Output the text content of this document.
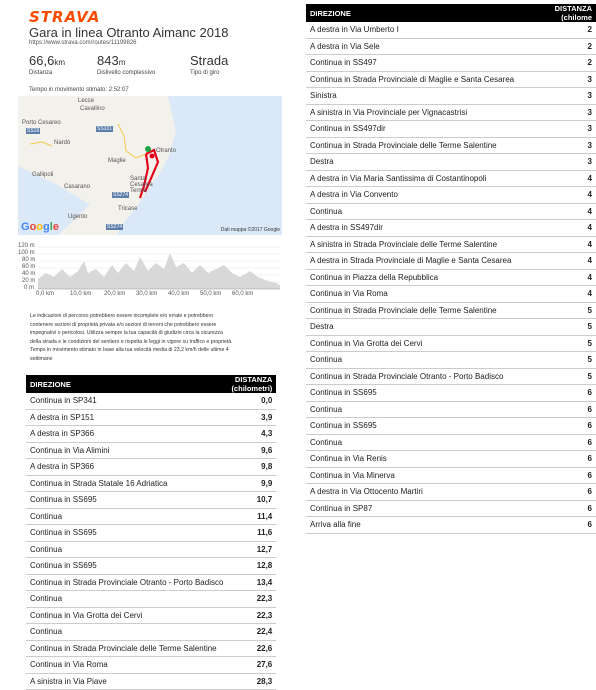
STRAVA
Gara in linea Otranto Aimanc 2018
https://www.strava.com/routes/11199826
66,6km 843m	Strada
Distanza	Dislivello complessivo	Tipo di giro
Tempo in movimento stimato: 2:52:07
Lecce
Cavallino
Porto Cesareo
Nardò
Maglie
Gallipoli
Casarano
Santa Cesarea Terme
Tricase
Otranto
Ugento
SS16	SS101
SS274
SS274
Google	Dati mappa ©2017 Google
120 m
100 m
80 m
60 m
40 m
20 m
0 m
0,0 km	10,0 km 20,0 km 30,0 km 40,0 km 50,0 km 60,0 km
Le indicazioni di percorso potrebbero essere incomplete e/o errate e potrebbero
contenere sezioni di proprietà privata e/o sezioni di terreni che potrebbero essere
impegnativi o pericolosi. Utilizza sempre la tua capacità di giudizio circa la sicurezza
della strada e le condizioni del sentiero e rispetta le leggi in vigore su traffico e proprietà.
Tempo in movimento stimato in base alla tua velocità media di 23,2 km/h delle ultime 4
settimane
DIREZIONE	DISTANZA (chilometri)
Continua in SP341	0,0
A destra in SP151	3,9
A destra in SP366	4,3
Continua in Via Alimini	9,6
A destra in SP366	9,8
Continua in Strada Statale 16 Adriatica	9,9
Continua in SS695	10,7
Continua	11,4
Continua in SS695	11,6
Continua	12,7
Continua in SS695	12,8
Continua in Strada Provinciale Otranto - Porto Badisco	13,4
Continua	22,3
Continua in Via Grotta dei Cervi	22,3
Continua	22,4
Continua in Strada Provinciale delle Terme Salentine	22,6
Continua in Via Roma	27,6
A sinistra in Via Piave	28,3
DIREZIONE	DISTANZA (chilome
A destra in Via Umberto I	2
A destra in Via Sele	2
Continua in SS497	2
Continua in Strada Provinciale di Maglie e Santa Cesarea	3
Sinistra	3
A sinistra in Via Provinciale per Vignacastrisi	3
Continua in SS497dir	3
Continua in Strada Provinciale delle Terme Salentine	3
Destra	3
A destra in Via Maria Santissima di Costantinopoli	4
A destra in Via Convento	4
Continua	4
A destra in SS497dir	4
A sinistra in Strada Provinciale delle Terme Salentine	4
A destra in Strada Provinciale di Maglie e Santa Cesarea	4
Continua in Piazza della Repubblica	4
Continua in Via Roma	4
Continua in Strada Provinciale delle Terme Salentine	5
Destra	5
Continua in Via Grotta dei Cervi	5
Continua	5
Continua in Strada Provinciale Otranto - Porto Badisco	5
Continua in SS695	6
Continua	6
Continua in SS695	6
Continua	6
Continua in Via Renis	6
Continua in Via Minerva	6
A destra in Via Ottocento Martiri	6
Continua in SP87	6
Arriva alla fine	6
